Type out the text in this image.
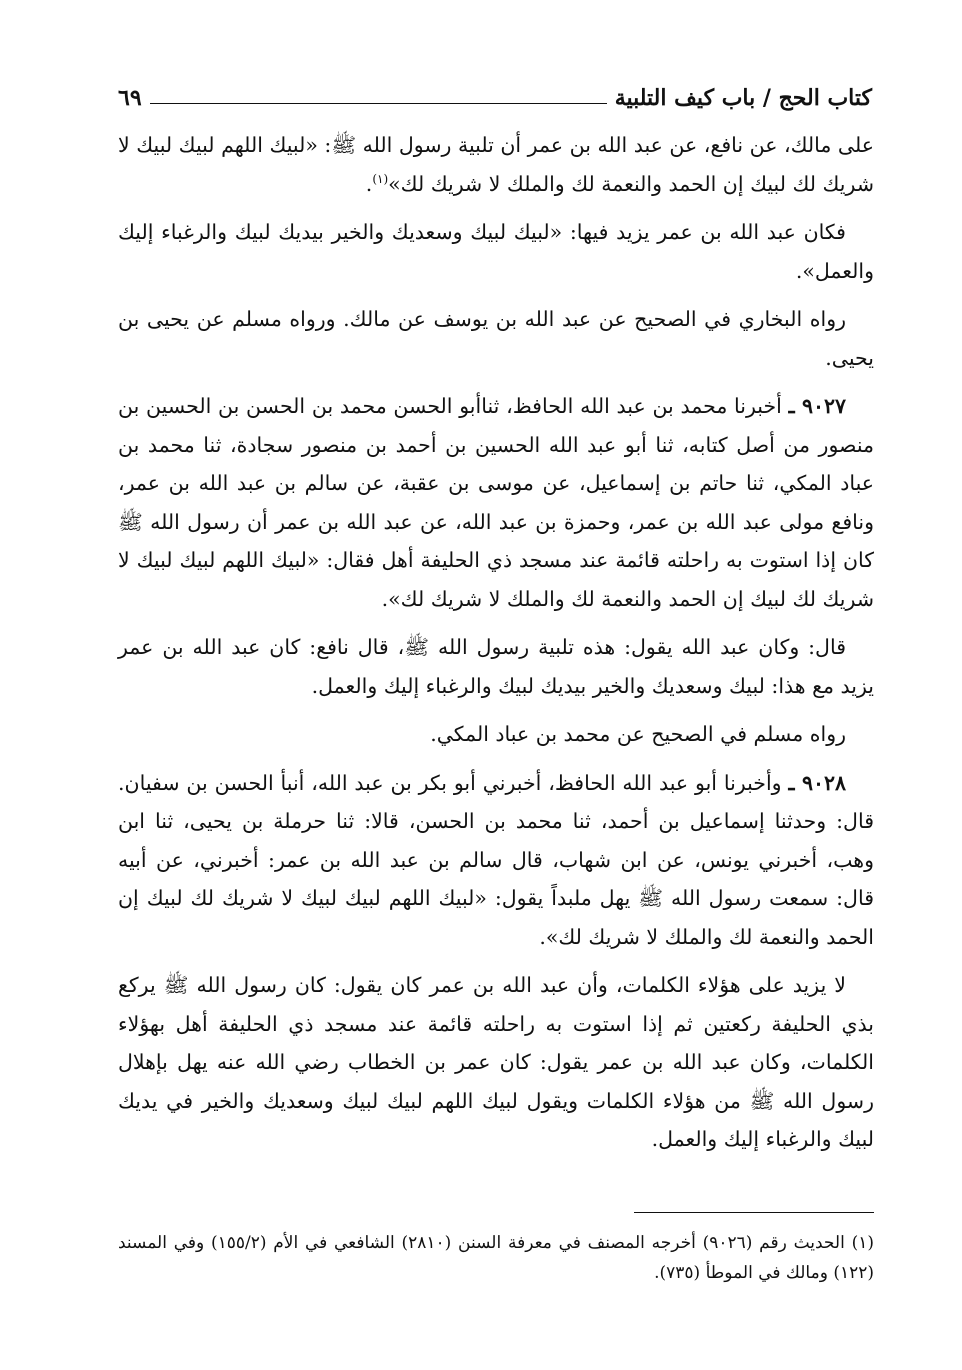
كتاب الحج / باب كيف التلبية
٦٩

على مالك، عن نافع، عن عبد الله بن عمر أن تلبية رسول الله ﷺ: «لبيك اللهم لبيك لبيك لا شريك لك لبيك إن الحمد والنعمة لك والملك لا شريك لك»$^{(١)}$.

فكان عبد الله بن عمر يزيد فيها: «لبيك لبيك وسعديك والخير بيديك لبيك والرغباء إليك والعمل».

رواه البخاري في الصحيح عن عبد الله بن يوسف عن مالك. ورواه مسلم عن يحيى بن يحيى.

٩٠٢٧ ـ أخبرنا محمد بن عبد الله الحافظ، ثناأبو الحسن محمد بن الحسن بن الحسين بن منصور من أصل كتابه، ثنا أبو عبد الله الحسين بن أحمد بن منصور سجادة، ثنا محمد بن عباد المكي، ثنا حاتم بن إسماعيل، عن موسى بن عقبة، عن سالم بن عبد الله بن عمر، ونافع مولى عبد الله بن عمر، وحمزة بن عبد الله، عن عبد الله بن عمر أن رسول الله ﷺ كان إذا استوت به راحلته قائمة عند مسجد ذي الحليفة أهل فقال: «لبيك اللهم لبيك لبيك لا شريك لك لبيك إن الحمد والنعمة لك والملك لا شريك لك».

قال: وكان عبد الله يقول: هذه تلبية رسول الله ﷺ، قال نافع: كان عبد الله بن عمر يزيد مع هذا: لبيك وسعديك والخير بيديك لبيك والرغباء إليك والعمل.

رواه مسلم في الصحيح عن محمد بن عباد المكي.

٩٠٢٨ ـ وأخبرنا أبو عبد الله الحافظ، أخبرني أبو بكر بن عبد الله، أنبأ الحسن بن سفيان. قال: وحدثنا إسماعيل بن أحمد، ثنا محمد بن الحسن، قالا: ثنا حرملة بن يحيى، ثنا ابن وهب، أخبرني يونس، عن ابن شهاب، قال سالم بن عبد الله بن عمر: أخبرني، عن أبيه قال: سمعت رسول الله ﷺ يهل ملبداً يقول: «لبيك اللهم لبيك لبيك لا شريك لك لبيك إن الحمد والنعمة لك والملك لا شريك لك».

لا يزيد على هؤلاء الكلمات، وأن عبد الله بن عمر كان يقول: كان رسول الله ﷺ يركع بذي الحليفة ركعتين ثم إذا استوت به راحلته قائمة عند مسجد ذي الحليفة أهل بهؤلاء الكلمات، وكان عبد الله بن عمر يقول: كان عمر بن الخطاب رضي الله عنه يهل بإهلال رسول الله ﷺ من هؤلاء الكلمات ويقول لبيك اللهم لبيك لبيك وسعديك والخير في يديك لبيك والرغباء إليك والعمل.

(١) الحديث رقم (٩٠٢٦) أخرجه المصنف في معرفة السنن (٢٨١٠) الشافعي في الأم (١٥٥/٢) وفي المسند (١٢٢) ومالك في الموطأ (٧٣٥).
